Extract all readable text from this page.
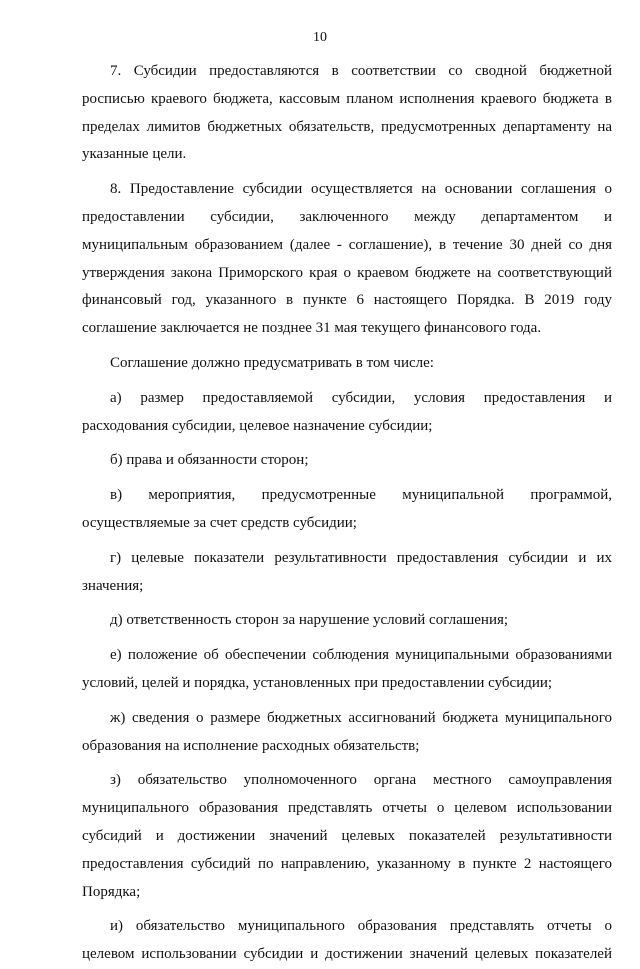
10

7. Субсидии предоставляются в соответствии со сводной бюджетной росписью краевого бюджета, кассовым планом исполнения краевого бюджета в пределах лимитов бюджетных обязательств, предусмотренных департаменту на указанные цели.

8. Предоставление субсидии осуществляется на основании соглашения о предоставлении субсидии, заключенного между департаментом и муниципальным образованием (далее - соглашение), в течение 30 дней со дня утверждения закона Приморского края о краевом бюджете на соответствующий финансовый год, указанного в пункте 6 настоящего Порядка. В 2019 году соглашение заключается не позднее 31 мая текущего финансового года.

Соглашение должно предусматривать в том числе:

а) размер предоставляемой субсидии, условия предоставления и расходования субсидии, целевое назначение субсидии;

б) права и обязанности сторон;

в) мероприятия, предусмотренные муниципальной программой, осуществляемые за счет средств субсидии;

г) целевые показатели результативности предоставления субсидии и их значения;

д) ответственность сторон за нарушение условий соглашения;

е) положение об обеспечении соблюдения муниципальными образованиями условий, целей и порядка, установленных при предоставлении субсидии;

ж) сведения о размере бюджетных ассигнований бюджета муниципального образования на исполнение расходных обязательств;

з) обязательство уполномоченного органа местного самоуправления муниципального образования представлять отчеты о целевом использовании субсидий и достижении значений целевых показателей результативности предоставления субсидий по направлению, указанному в пункте 2 настоящего Порядка;

и) обязательство муниципального образования представлять отчеты о целевом использовании субсидии и достижении значений целевых показателей
